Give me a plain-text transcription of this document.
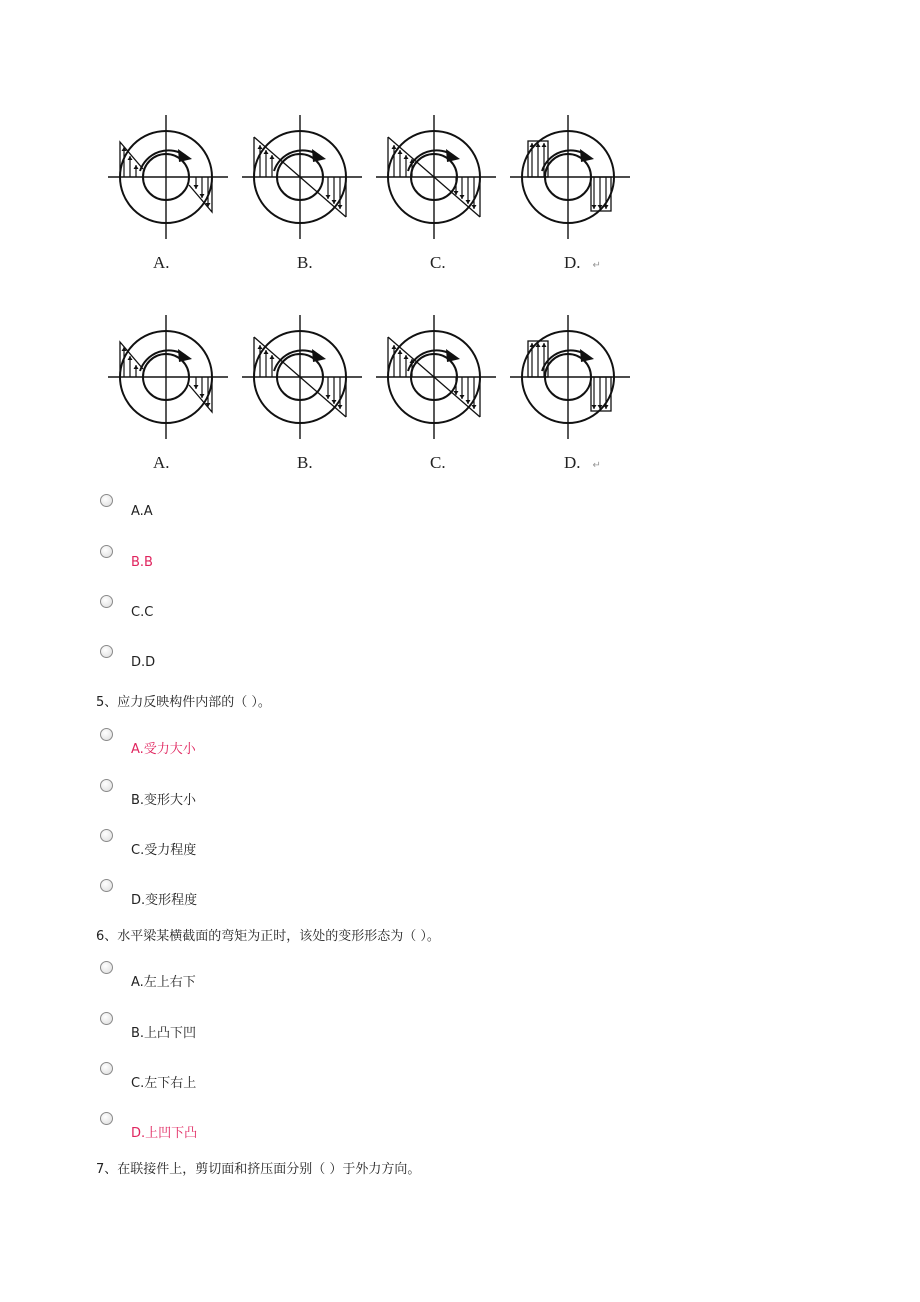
A.	B.	C.	D. ↵
A.	B.	C.	D. ↵
A.A
B.B
C.C
D.D
5、应力反映构件内部的（ ）。
A.受力大小
B.变形大小
C.受力程度
D.变形程度
6、水平梁某横截面的弯矩为正时，该处的变形形态为（ ）。
A.左上右下
B.上凸下凹
C.左下右上
D.上凹下凸
7、在联接件上，剪切面和挤压面分别（ ）于外力方向。
